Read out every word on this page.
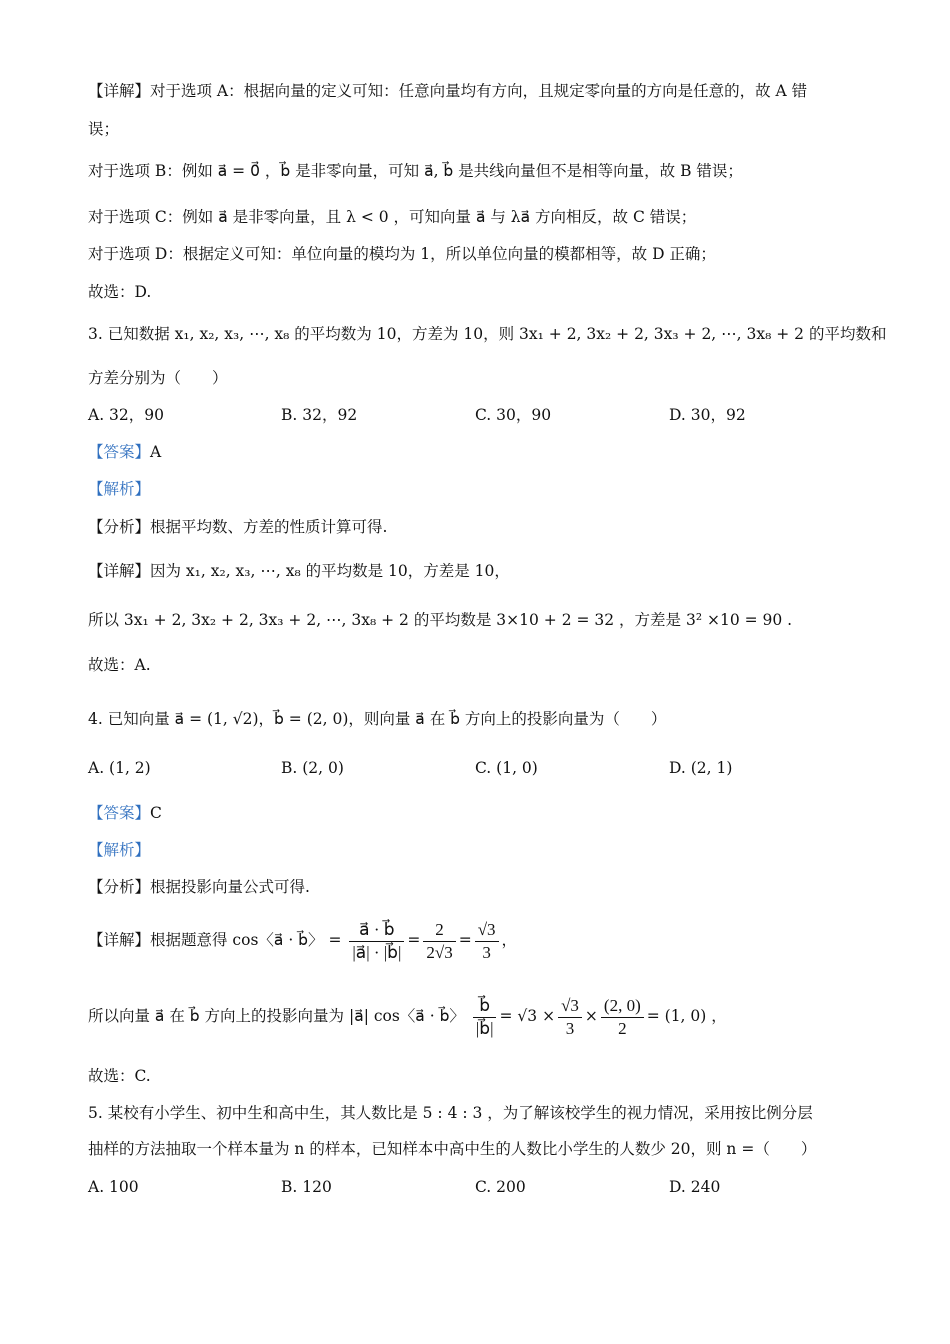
【详解】对于选项 A：根据向量的定义可知：任意向量均有方向，且规定零向量的方向是任意的，故 A 错
误；
对于选项 B：例如 a⃗ = 0⃗ ，b⃗ 是非零向量，可知 a⃗, b⃗ 是共线向量但不是相等向量，故 B 错误；
对于选项 C：例如 a⃗ 是非零向量，且 λ < 0 ，可知向量 a⃗ 与 λa⃗ 方向相反，故 C 错误；
对于选项 D：根据定义可知：单位向量的模均为 1，所以单位向量的模都相等，故 D 正确；
故选：D.
3. 已知数据 x₁, x₂, x₃, ⋯, x₈ 的平均数为 10，方差为 10，则 3x₁ + 2, 3x₂ + 2, 3x₃ + 2, ⋯, 3x₈ + 2 的平均数和
方差分别为（　　）
A. 32，90	B. 32，92	C. 30，90	D. 30，92
【答案】A
【解析】
【分析】根据平均数、方差的性质计算可得.
【详解】因为 x₁, x₂, x₃, ⋯, x₈ 的平均数是 10，方差是 10，
所以 3x₁ + 2, 3x₂ + 2, 3x₃ + 2, ⋯, 3x₈ + 2 的平均数是 3×10 + 2 = 32 ，方差是 3² ×10 = 90 .
故选：A.
4. 已知向量 a⃗ = (1, √2)，b⃗ = (2, 0)，则向量 a⃗ 在 b⃗ 方向上的投影向量为（　　）
A. (1, 2)	B. (2, 0)	C. (1, 0)	D. (2, 1)
【答案】C
【解析】
【分析】根据投影向量公式可得.
【详解】根据题意得 cos〈a⃗ · b⃗〉 = $\frac{a⃗ \cdot b⃗}{|a⃗| \cdot |b⃗|} = \frac{2}{2√3} = \frac{√3}{3}$ ，
所以向量 a⃗ 在 b⃗ 方向上的投影向量为 |a⃗| cos〈a⃗ · b⃗〉 $\frac{b⃗}{|b⃗|} = √3 \times \frac{√3}{3} \times \frac{(2, 0)}{2} = (1$, 0) ，
故选：C.
5. 某校有小学生、初中生和高中生，其人数比是 5 : 4 : 3 ，为了解该校学生的视力情况，采用按比例分层
抽样的方法抽取一个样本量为 n 的样本，已知样本中高中生的人数比小学生的人数少 20，则 n =（　　）
A. 100	B. 120	C. 200	D. 240
